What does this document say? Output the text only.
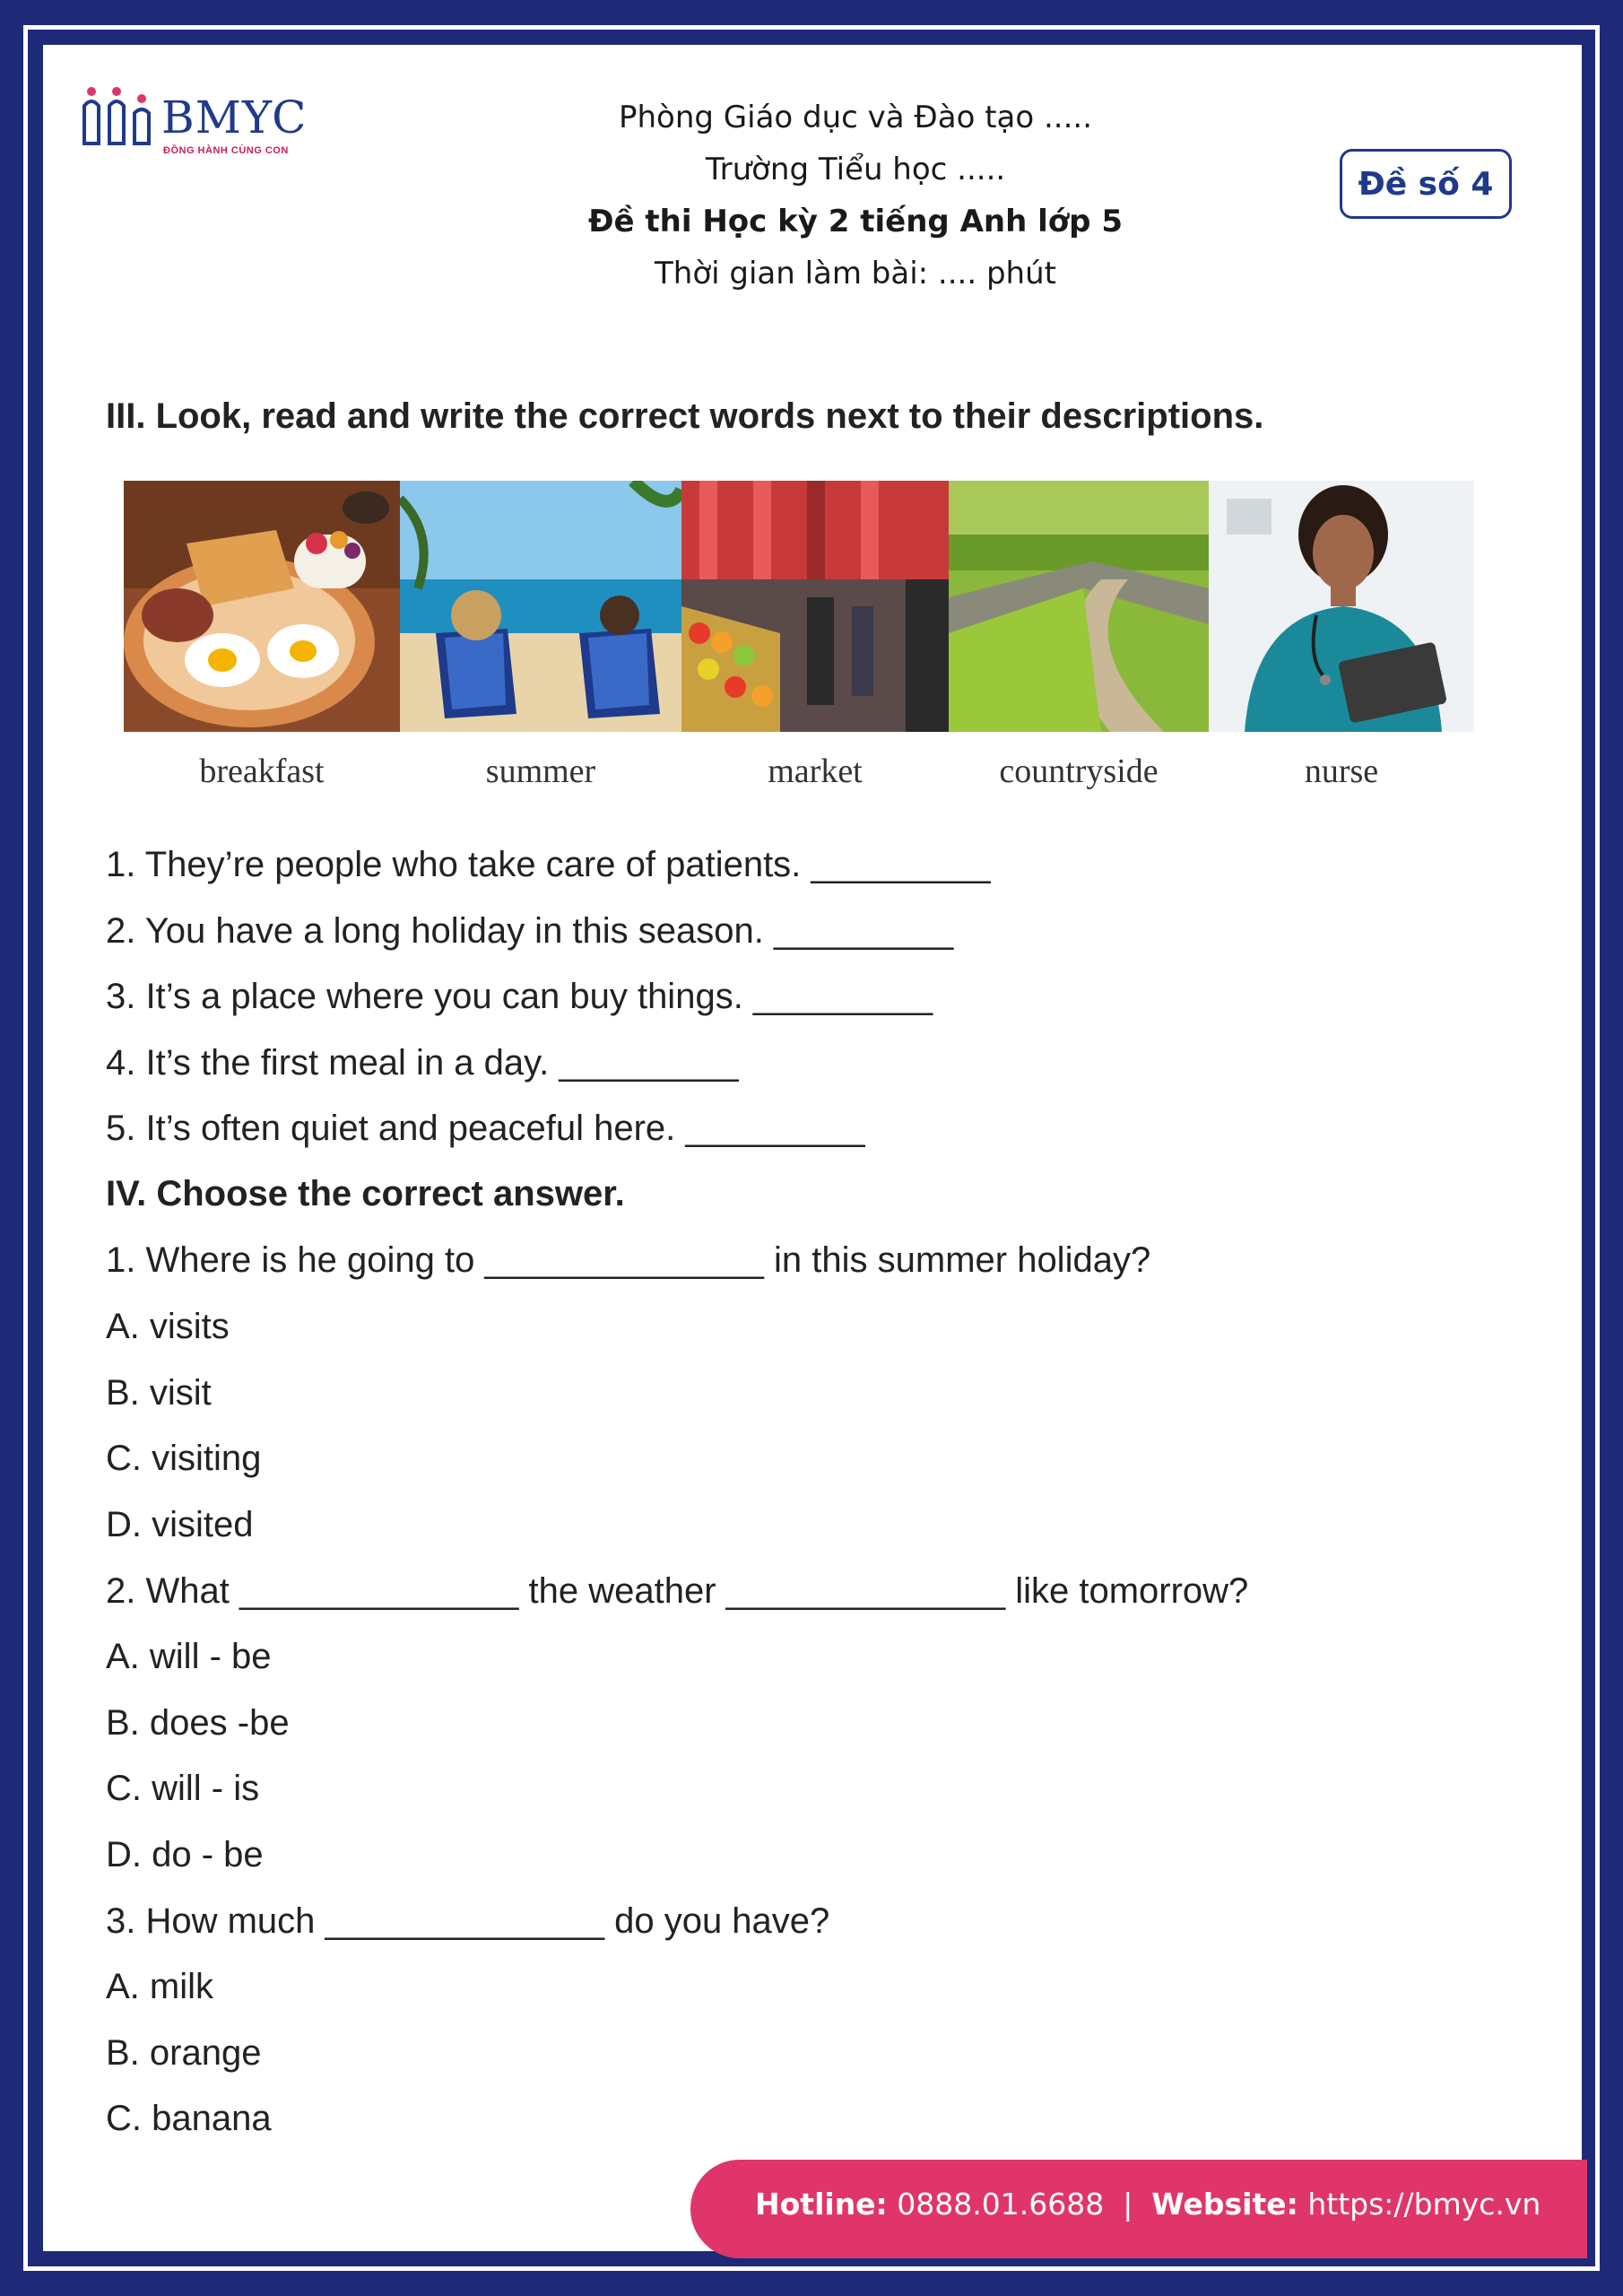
BMYC
ĐỒNG HÀNH CÙNG CON
Phòng Giáo dục và Đào tạo .....
Trường Tiểu học .....
Đề thi Học kỳ 2 tiếng Anh lớp 5
Thời gian làm bài: .... phút
Đề số 4
III. Look, read and write the correct words next to their descriptions.
breakfast	summer	market	countryside	nurse
1. They’re people who take care of patients. _________
2. You have a long holiday in this season. _________
3. It’s a place where you can buy things. _________
4. It’s the first meal in a day. _________
5. It’s often quiet and peaceful here. _________
IV. Choose the correct answer.
1. Where is he going to ______________ in this summer holiday?
A. visits
B. visit
C. visiting
D. visited
2. What ______________ the weather ______________ like tomorrow?
A. will - be
B. does -be
C. will - is
D. do - be
3. How much ______________ do you have?
A. milk
B. orange
C. banana
Hotline: 0888.01.6688 | Website: https://bmyc.vn
